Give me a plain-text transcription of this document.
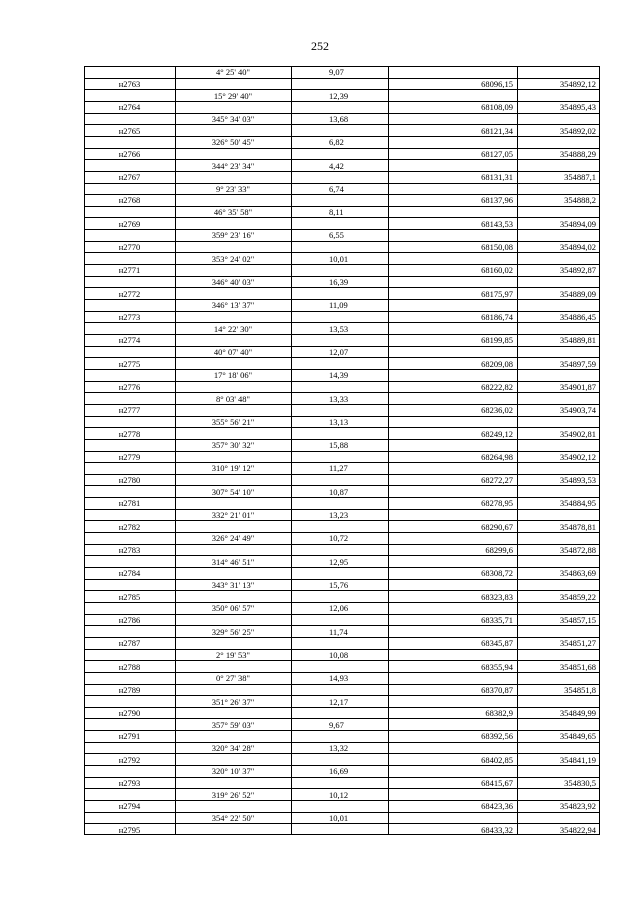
252
4° 25' 40"	9,07
н2763	68096,15	354892,12
15° 29' 40"	12,39
н2764	68108,09	354895,43
345° 34' 03"	13,68
н2765	68121,34	354892,02
326° 50' 45"	6,82
н2766	68127,05	354888,29
344° 23' 34"	4,42
н2767	68131,31	354887,1
9° 23' 33"	6,74
н2768	68137,96	354888,2
46° 35' 58"	8,11
н2769	68143,53	354894,09
359° 23' 16"	6,55
н2770	68150,08	354894,02
353° 24' 02"	10,01
н2771	68160,02	354892,87
346° 40' 03"	16,39
н2772	68175,97	354889,09
346° 13' 37"	11,09
н2773	68186,74	354886,45
14° 22' 30"	13,53
н2774	68199,85	354889,81
40° 07' 40"	12,07
н2775	68209,08	354897,59
17° 18' 06"	14,39
н2776	68222,82	354901,87
8° 03' 48"	13,33
н2777	68236,02	354903,74
355° 56' 21"	13,13
н2778	68249,12	354902,81
357° 30' 32"	15,88
н2779	68264,98	354902,12
310° 19' 12"	11,27
н2780	68272,27	354893,53
307° 54' 10"	10,87
н2781	68278,95	354884,95
332° 21' 01"	13,23
н2782	68290,67	354878,81
326° 24' 49"	10,72
н2783	68299,6	354872,88
314° 46' 51"	12,95
н2784	68308,72	354863,69
343° 31' 13"	15,76
н2785	68323,83	354859,22
350° 06' 57"	12,06
н2786	68335,71	354857,15
329° 56' 25"	11,74
н2787	68345,87	354851,27
2° 19' 53"	10,08
н2788	68355,94	354851,68
0° 27' 38"	14,93
н2789	68370,87	354851,8
351° 26' 37"	12,17
н2790	68382,9	354849,99
357° 59' 03"	9,67
н2791	68392,56	354849,65
320° 34' 28"	13,32
н2792	68402,85	354841,19
320° 10' 37"	16,69
н2793	68415,67	354830,5
319° 26' 52"	10,12
н2794	68423,36	354823,92
354° 22' 50"	10,01
н2795	68433,32	354822,94
